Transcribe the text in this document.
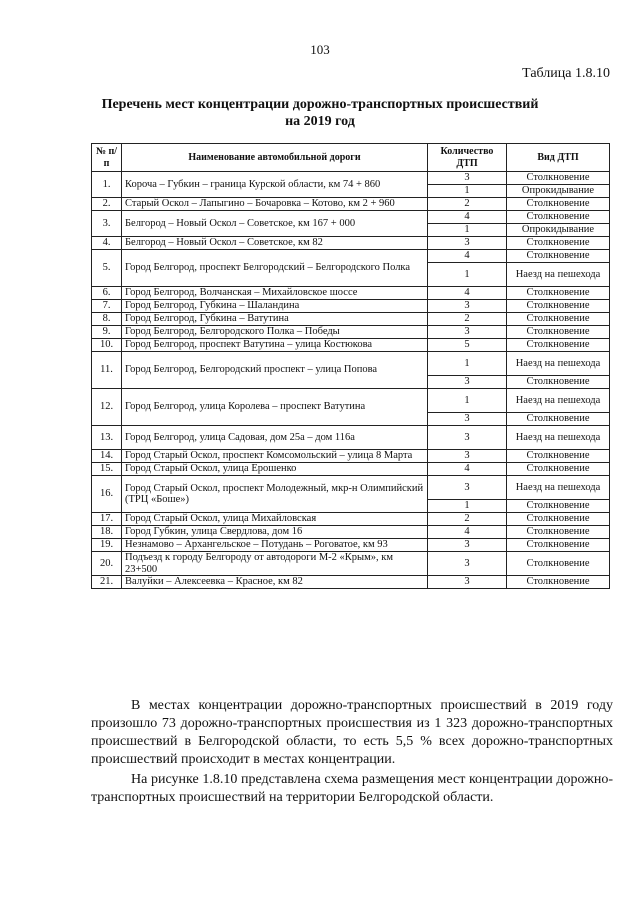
103
Таблица 1.8.10
Перечень мест концентрации дорожно-транспортных происшествий
на 2019 год
№ п/п	Наименование автомобильной дороги	Количество ДТП	Вид ДТП
1.	Короча – Губкин – граница Курской области, км 74 + 860	3	Столкновение
		1	Опрокидывание
2.	Старый Оскол – Лапыгино – Бочаровка – Котово, км 2 + 960	2	Столкновение
3.	Белгород – Новый Оскол – Советское, км 167 + 000	4	Столкновение
		1	Опрокидывание
4.	Белгород – Новый Оскол – Советское, км 82	3	Столкновение
5.	Город Белгород, проспект Белгородский – Белгородского Полка	4	Столкновение
		1	Наезд на пешехода
6.	Город Белгород, Волчанская – Михайловское шоссе	4	Столкновение
7.	Город Белгород, Губкина – Шаландина	3	Столкновение
8.	Город Белгород, Губкина – Ватутина	2	Столкновение
9.	Город Белгород, Белгородского Полка – Победы	3	Столкновение
10.	Город Белгород, проспект Ватутина – улица Костюкова	5	Столкновение
11.	Город Белгород, Белгородский проспект – улица Попова	1	Наезд на пешехода
		3	Столкновение
12.	Город Белгород, улица Королева – проспект Ватутина	1	Наезд на пешехода
		3	Столкновение
13.	Город Белгород, улица Садовая, дом 25а – дом 116а	3	Наезд на пешехода
14.	Город Старый Оскол, проспект Комсомольский – улица 8 Марта	3	Столкновение
15.	Город Старый Оскол, улица Ерошенко	4	Столкновение
16.	Город Старый Оскол, проспект Молодежный, мкр-н Олимпийский (ТРЦ «Боше»)	3	Наезд на пешехода
		1	Столкновение
17.	Город Старый Оскол, улица Михайловская	2	Столкновение
18.	Город Губкин, улица Свердлова, дом 16	4	Столкновение
19.	Незнамово – Архангельское – Потудань – Роговатое, км 93	3	Столкновение
20.	Подъезд к городу Белгороду от автодороги М-2 «Крым», км 23+500	3	Столкновение
21.	Валуйки – Алексеевка – Красное, км 82	3	Столкновение

В местах концентрации дорожно-транспортных происшествий в 2019 году произошло 73 дорожно-транспортных происшествия из 1 323 дорожно-транспортных происшествий в Белгородской области, то есть 5,5 % всех дорожно-транспортных происшествий происходит в местах концентрации.

На рисунке 1.8.10 представлена схема размещения мест концентрации дорожно-транспортных происшествий на территории Белгородской области.
